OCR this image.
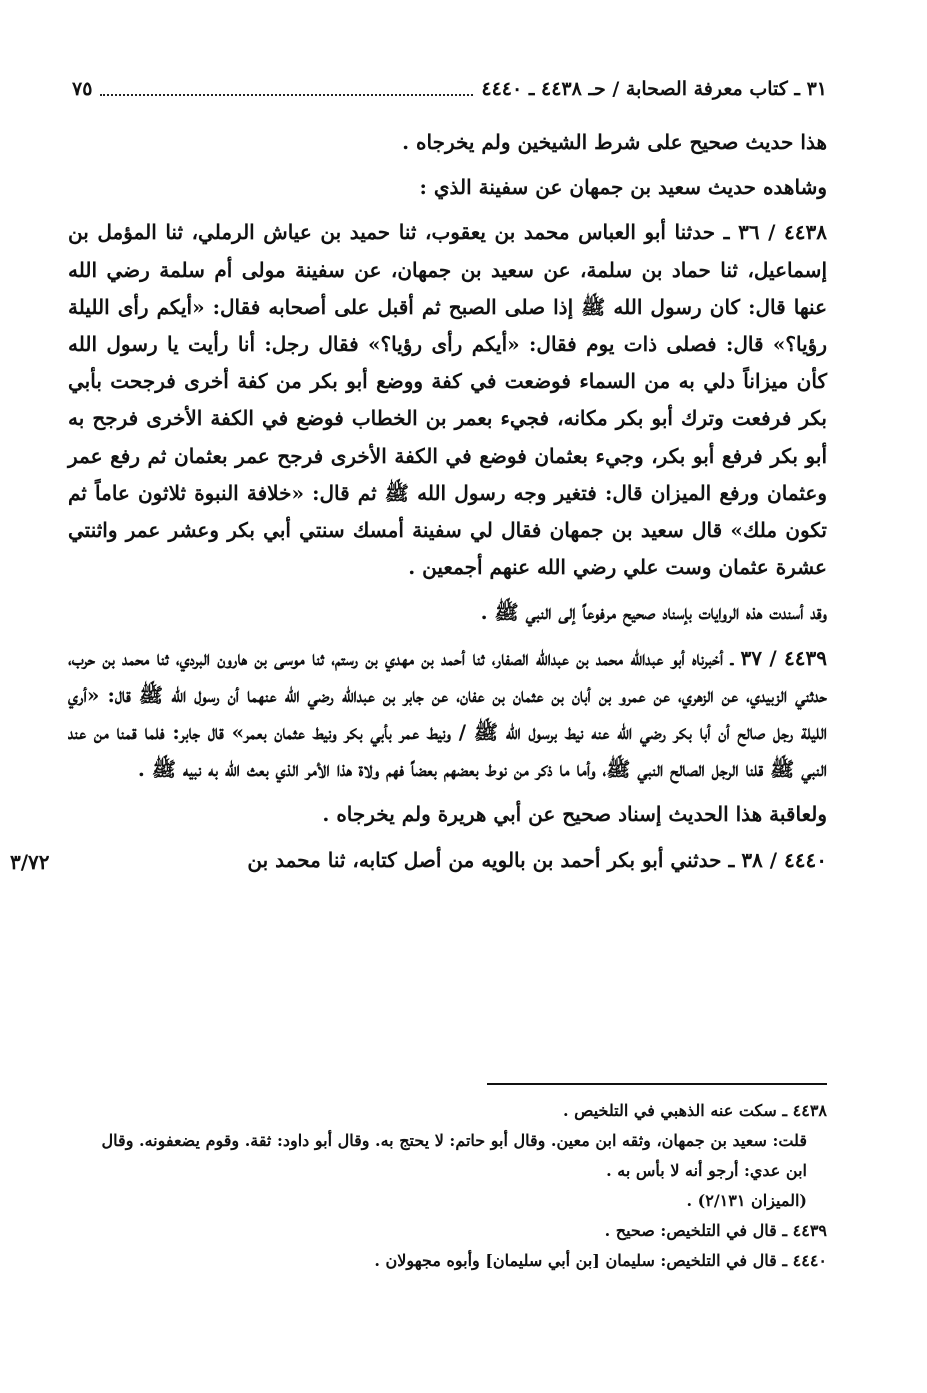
٣١ ـ كتاب معرفة الصحابة / حـ ٤٤٣٨ ـ ٤٤٤٠
٧٥

هذا حديث صحيح على شرط الشيخين ولم يخرجاه .

وشاهده حديث سعيد بن جمهان عن سفينة الذي :

٤٤٣٨ / ٣٦ ـ حدثنا أبو العباس محمد بن يعقوب، ثنا حميد بن عياش الرملي، ثنا المؤمل بن إسماعيل، ثنا حماد بن سلمة، عن سعيد بن جمهان، عن سفينة مولى أم سلمة رضي الله عنها قال: كان رسول الله ﷺ إذا صلى الصبح ثم أقبل على أصحابه فقال: «أيكم رأى الليلة رؤيا؟» قال: فصلى ذات يوم فقال: «أيكم رأى رؤيا؟» فقال رجل: أنا رأيت يا رسول الله كأن ميزاناً دلي به من السماء فوضعت في كفة ووضع أبو بكر من كفة أخرى فرجحت بأبي بكر فرفعت وترك أبو بكر مكانه، فجيء بعمر بن الخطاب فوضع في الكفة الأخرى فرجح به أبو بكر فرفع أبو بكر، وجيء بعثمان فوضع في الكفة الأخرى فرجح عمر بعثمان ثم رفع عمر وعثمان ورفع الميزان قال: فتغير وجه رسول الله ﷺ ثم قال: «خلافة النبوة ثلاثون عاماً ثم تكون ملك» قال سعيد بن جمهان فقال لي سفينة أمسك سنتي أبي بكر وعشر عمر واثنتي عشرة عثمان وست علي رضي الله عنهم أجمعين .

وقد أسندت هذه الروايات بإسناد صحيح مرفوعاً إلى النبي ﷺ .

٤٤٣٩ / ٣٧ ـ أخبرناه أبو عبدالله محمد بن عبدالله الصفار، ثنا أحمد بن مهدي بن رستم، ثنا موسى بن هارون البردي، ثنا محمد بن حرب، حدثني الزبيدي، عن الزهري، عن عمرو بن أبان بن عثمان بن عفان، عن جابر بن عبدالله رضي الله عنهما أن رسول الله ﷺ قال: «أري الليلة رجل صالح أن أبا بكر رضي الله عنه نيط برسول الله ﷺ / ونيط عمر بأبي بكر ونيط عثمان بعمر» قال جابر: فلما قمنا من عند النبي ﷺ قلنا الرجل الصالح النبي ﷺ، وأما ما ذكر من نوط بعضهم بعضاً فهم ولاة هذا الأمر الذي بعث الله به نبيه ﷺ .

ولعاقبة هذا الحديث إسناد صحيح عن أبي هريرة ولم يخرجاه .

٤٤٤٠ / ٣٨ ـ حدثني أبو بكر أحمد بن بالويه من أصل كتابه، ثنا محمد بن

٣/٧٢

٤٤٣٨ ـ سكت عنه الذهبي في التلخيص .

قلت: سعيد بن جمهان، وثقه ابن معين. وقال أبو حاتم: لا يحتج به. وقال أبو داود: ثقة. وقوم يضعفونه. وقال ابن عدي: أرجو أنه لا بأس به .

(الميزان ٢/١٣١) .

٤٤٣٩ ـ قال في التلخيص: صحيح .

٤٤٤٠ ـ قال في التلخيص: سليمان [بن أبي سليمان] وأبوه مجهولان .
